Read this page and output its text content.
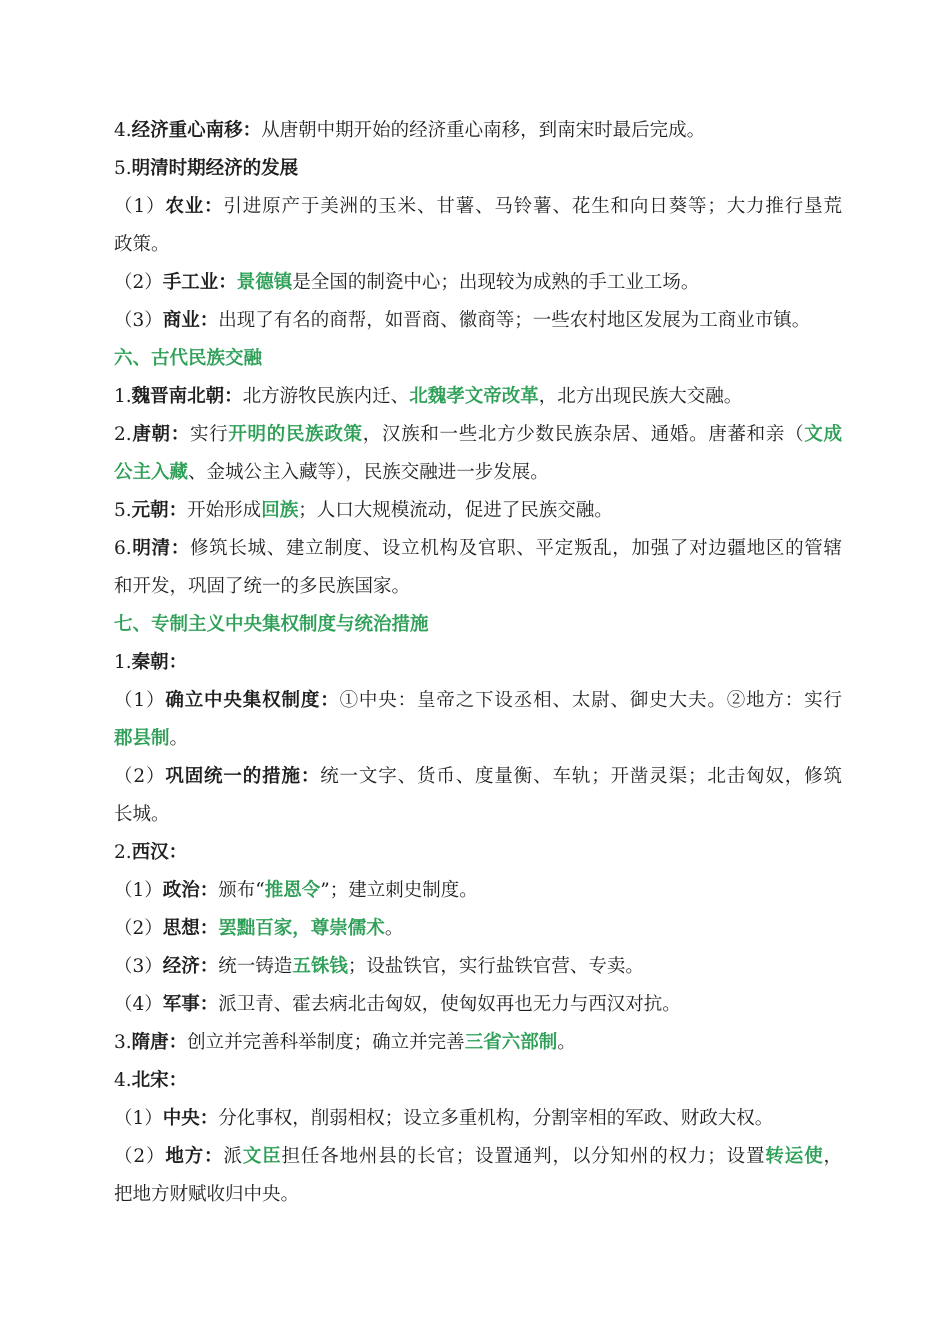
4.经济重心南移：从唐朝中期开始的经济重心南移，到南宋时最后完成。
5.明清时期经济的发展
（1）农业：引进原产于美洲的玉米、甘薯、马铃薯、花生和向日葵等；大力推行垦荒
政策。
（2）手工业：景德镇是全国的制瓷中心；出现较为成熟的手工业工场。
（3）商业：出现了有名的商帮，如晋商、徽商等；一些农村地区发展为工商业市镇。
六、古代民族交融
1.魏晋南北朝：北方游牧民族内迁、北魏孝文帝改革，北方出现民族大交融。
2.唐朝：实行开明的民族政策，汉族和一些北方少数民族杂居、通婚。唐蕃和亲（文成
公主入藏、金城公主入藏等），民族交融进一步发展。
5.元朝：开始形成回族；人口大规模流动，促进了民族交融。
6.明清：修筑长城、建立制度、设立机构及官职、平定叛乱，加强了对边疆地区的管辖
和开发，巩固了统一的多民族国家。
七、专制主义中央集权制度与统治措施
1.秦朝：
（1）确立中央集权制度：①中央：皇帝之下设丞相、太尉、御史大夫。②地方：实行
郡县制。
（2）巩固统一的措施：统一文字、货币、度量衡、车轨；开凿灵渠；北击匈奴，修筑
长城。
2.西汉：
（1）政治：颁布“推恩令”；建立刺史制度。
（2）思想：罢黜百家，尊崇儒术。
（3）经济：统一铸造五铢钱；设盐铁官，实行盐铁官营、专卖。
（4）军事：派卫青、霍去病北击匈奴，使匈奴再也无力与西汉对抗。
3.隋唐：创立并完善科举制度；确立并完善三省六部制。
4.北宋：
（1）中央：分化事权，削弱相权；设立多重机构，分割宰相的军政、财政大权。
（2）地方：派文臣担任各地州县的长官；设置通判，以分知州的权力；设置转运使，
把地方财赋收归中央。
